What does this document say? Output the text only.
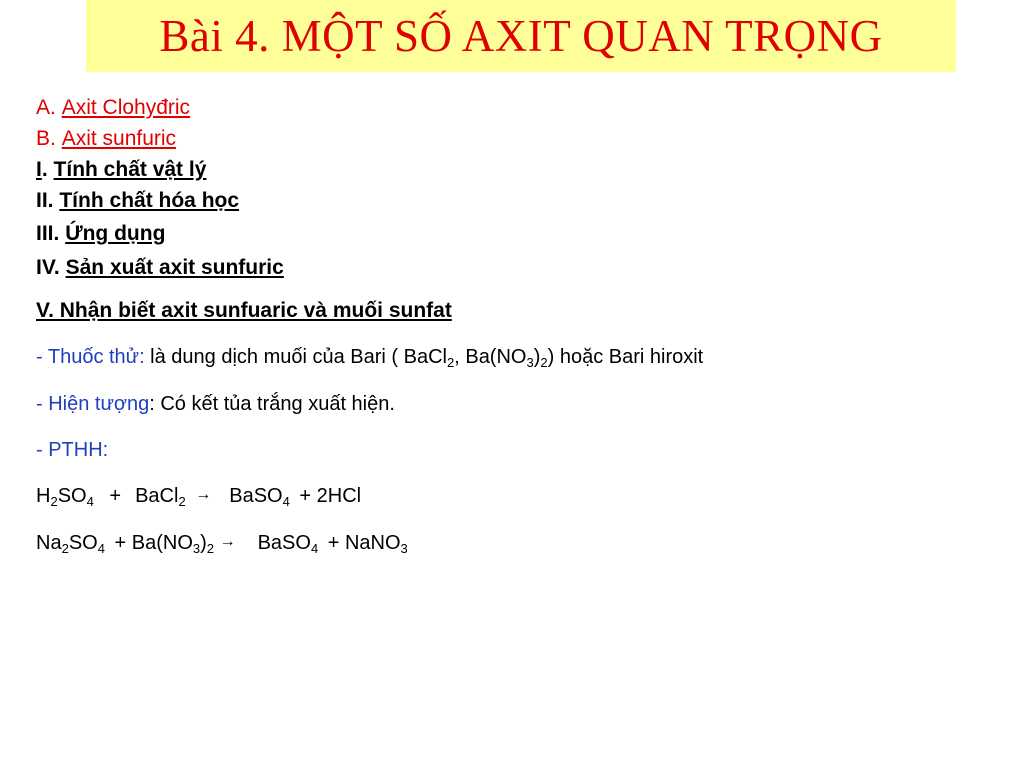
Bài 4. MỘT SỐ AXIT QUAN TRỌNG
A. Axit Clohyđric
B. Axit sunfuric
I. Tính chất vật lý
II. Tính chất hóa học
III. Ứng dụng
IV. Sản xuất axit sunfuric
V. Nhận biết axit sunfuaric và muối sunfat
- Thuốc thử: là dung dịch muối của Bari ( BaCl$_2$, $Ba(NO_3)_2$) hoặc Bari hiroxit
- Hiện tượng: Có kết tủa trắng xuất hiện.
- PTHH:
$H_2SO_4$ + BaCl$_2$ → BaSO$_4$ + 2HCl
$Na_2SO_4 + Ba(NO_3)_2$ → BaSO$_4$ + NaNO$_3$
